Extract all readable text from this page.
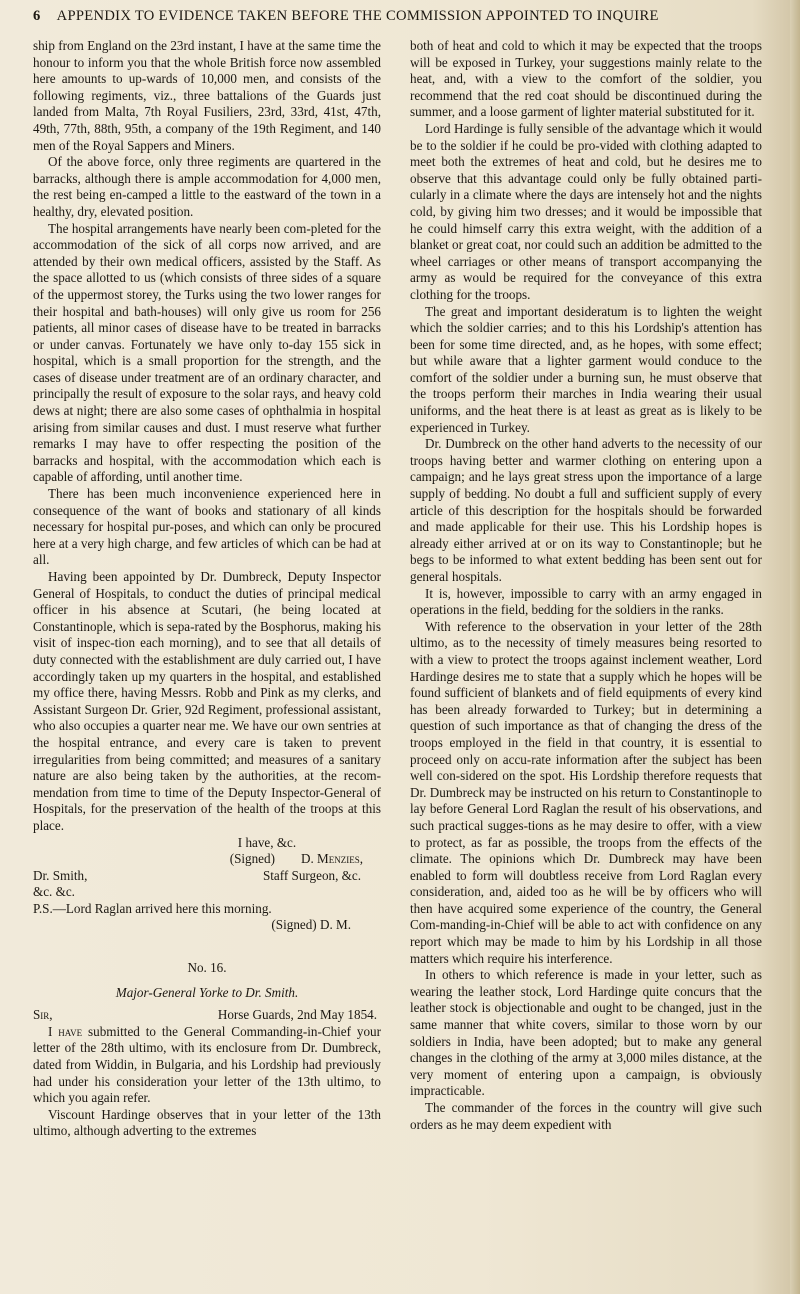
6 APPENDIX TO EVIDENCE TAKEN BEFORE THE COMMISSION APPOINTED TO INQUIRE

ship from England on the 23rd instant, I have at the same time the honour to inform you that the whole British force now assembled here amounts to up-wards of 10,000 men, and consists of the following regiments, viz., three battalions of the Guards just landed from Malta, 7th Royal Fusiliers, 23rd, 33rd, 41st, 47th, 49th, 77th, 88th, 95th, a company of the 19th Regiment, and 140 men of the Royal Sappers and Miners.

Of the above force, only three regiments are quartered in the barracks, although there is ample accommodation for 4,000 men, the rest being en-camped a little to the eastward of the town in a healthy, dry, elevated position.

The hospital arrangements have nearly been com-pleted for the accommodation of the sick of all corps now arrived, and are attended by their own medical officers, assisted by the Staff. As the space allotted to us (which consists of three sides of a square of the uppermost storey, the Turks using the two lower ranges for their hospital and bath-houses) will only give us room for 256 patients, all minor cases of disease have to be treated in barracks or under canvas. Fortunately we have only to-day 155 sick in hospital, which is a small proportion for the strength, and the cases of disease under treatment are of an ordinary character, and principally the result of exposure to the solar rays, and heavy cold dews at night; there are also some cases of ophthalmia in hospital arising from similar causes and dust. I must reserve what further remarks I may have to offer respecting the position of the barracks and hospital, with the accommodation which each is capable of affording, until another time.

There has been much inconvenience experienced here in consequence of the want of books and stationary of all kinds necessary for hospital pur-poses, and which can only be procured here at a very high charge, and few articles of which can be had at all.

Having been appointed by Dr. Dumbreck, Deputy Inspector General of Hospitals, to conduct the duties of principal medical officer in his absence at Scutari, (he being located at Constantinople, which is sepa-rated by the Bosphorus, making his visit of inspec-tion each morning), and to see that all details of duty connected with the establishment are duly carried out, I have accordingly taken up my quarters in the hospital, and established my office there, having Messrs. Robb and Pink as my clerks, and Assistant Surgeon Dr. Grier, 92d Regiment, professional assistant, who also occupies a quarter near me. We have our own sentries at the hospital entrance, and every care is taken to prevent irregularities from being committed; and measures of a sanitary nature are also being taken by the authorities, at the recom-mendation from time to time of the Deputy Inspector-General of Hospitals, for the preservation of the health of the troops at this place.

I have, &c.
(Signed) D. Menzies,
Dr. Smith,	Staff Surgeon, &c.
&c. &c.
P.S.—Lord Raglan arrived here this morning.
(Signed) D. M.
No. 16.
Major-General Yorke to Dr. Smith.
Sir,	Horse Guards, 2nd May 1854.

I have submitted to the General Commanding-in-Chief your letter of the 28th ultimo, with its enclosure from Dr. Dumbreck, dated from Widdin, in Bulgaria, and his Lordship had previously had under his consideration your letter of the 13th ultimo, to which you again refer.

Viscount Hardinge observes that in your letter of the 13th ultimo, although adverting to the extremes

both of heat and cold to which it may be expected that the troops will be exposed in Turkey, your suggestions mainly relate to the heat, and, with a view to the comfort of the soldier, you recommend that the red coat should be discontinued during the summer, and a loose garment of lighter material substituted for it.

Lord Hardinge is fully sensible of the advantage which it would be to the soldier if he could be pro-vided with clothing adapted to meet both the extremes of heat and cold, but he desires me to observe that this advantage could only be fully obtained parti-cularly in a climate where the days are intensely hot and the nights cold, by giving him two dresses; and it would be impossible that he could himself carry this extra weight, with the addition of a blanket or great coat, nor could such an addition be admitted to the wheel carriages or other means of transport accompanying the army as would be required for the conveyance of this extra clothing for the troops.

The great and important desideratum is to lighten the weight which the soldier carries; and to this his Lordship's attention has been for some time directed, and, as he hopes, with some effect; but while aware that a lighter garment would conduce to the comfort of the soldier under a burning sun, he must observe that the troops perform their marches in India wearing their usual uniforms, and the heat there is at least as great as is likely to be experienced in Turkey.

Dr. Dumbreck on the other hand adverts to the necessity of our troops having better and warmer clothing on entering upon a campaign; and he lays great stress upon the importance of a large supply of bedding. No doubt a full and sufficient supply of every article of this description for the hospitals should be forwarded and made applicable for their use. This his Lordship hopes is already either arrived at or on its way to Constantinople; but he begs to be informed to what extent bedding has been sent out for general hospitals.

It is, however, impossible to carry with an army engaged in operations in the field, bedding for the soldiers in the ranks.

With reference to the observation in your letter of the 28th ultimo, as to the necessity of timely measures being resorted to with a view to protect the troops against inclement weather, Lord Hardinge desires me to state that a supply which he hopes will be found sufficient of blankets and of field equipments of every kind has been already forwarded to Turkey; but in determining a question of such importance as that of changing the dress of the troops employed in the field in that country, it is essential to proceed only on accu-rate information after the subject has been well con-sidered on the spot. His Lordship therefore requests that Dr. Dumbreck may be instructed on his return to Constantinople to lay before General Lord Raglan the result of his observations, and such practical sugges-tions as he may desire to offer, with a view to protect, as far as possible, the troops from the effects of the climate. The opinions which Dr. Dumbreck may have been enabled to form will doubtless receive from Lord Raglan every consideration, and, aided too as he will be by officers who will then have acquired some experience of the country, the General Com-manding-in-Chief will be able to act with confidence on any report which may be made to him by his Lordship in all those matters which require his interference.

In others to which reference is made in your letter, such as wearing the leather stock, Lord Hardinge quite concurs that the leather stock is objectionable and ought to be changed, just in the same manner that white covers, similar to those worn by our soldiers in India, have been adopted; but to make any general changes in the clothing of the army at 3,000 miles distance, at the very moment of entering upon a campaign, is obviously impracticable.

The commander of the forces in the country will give such orders as he may deem expedient with
